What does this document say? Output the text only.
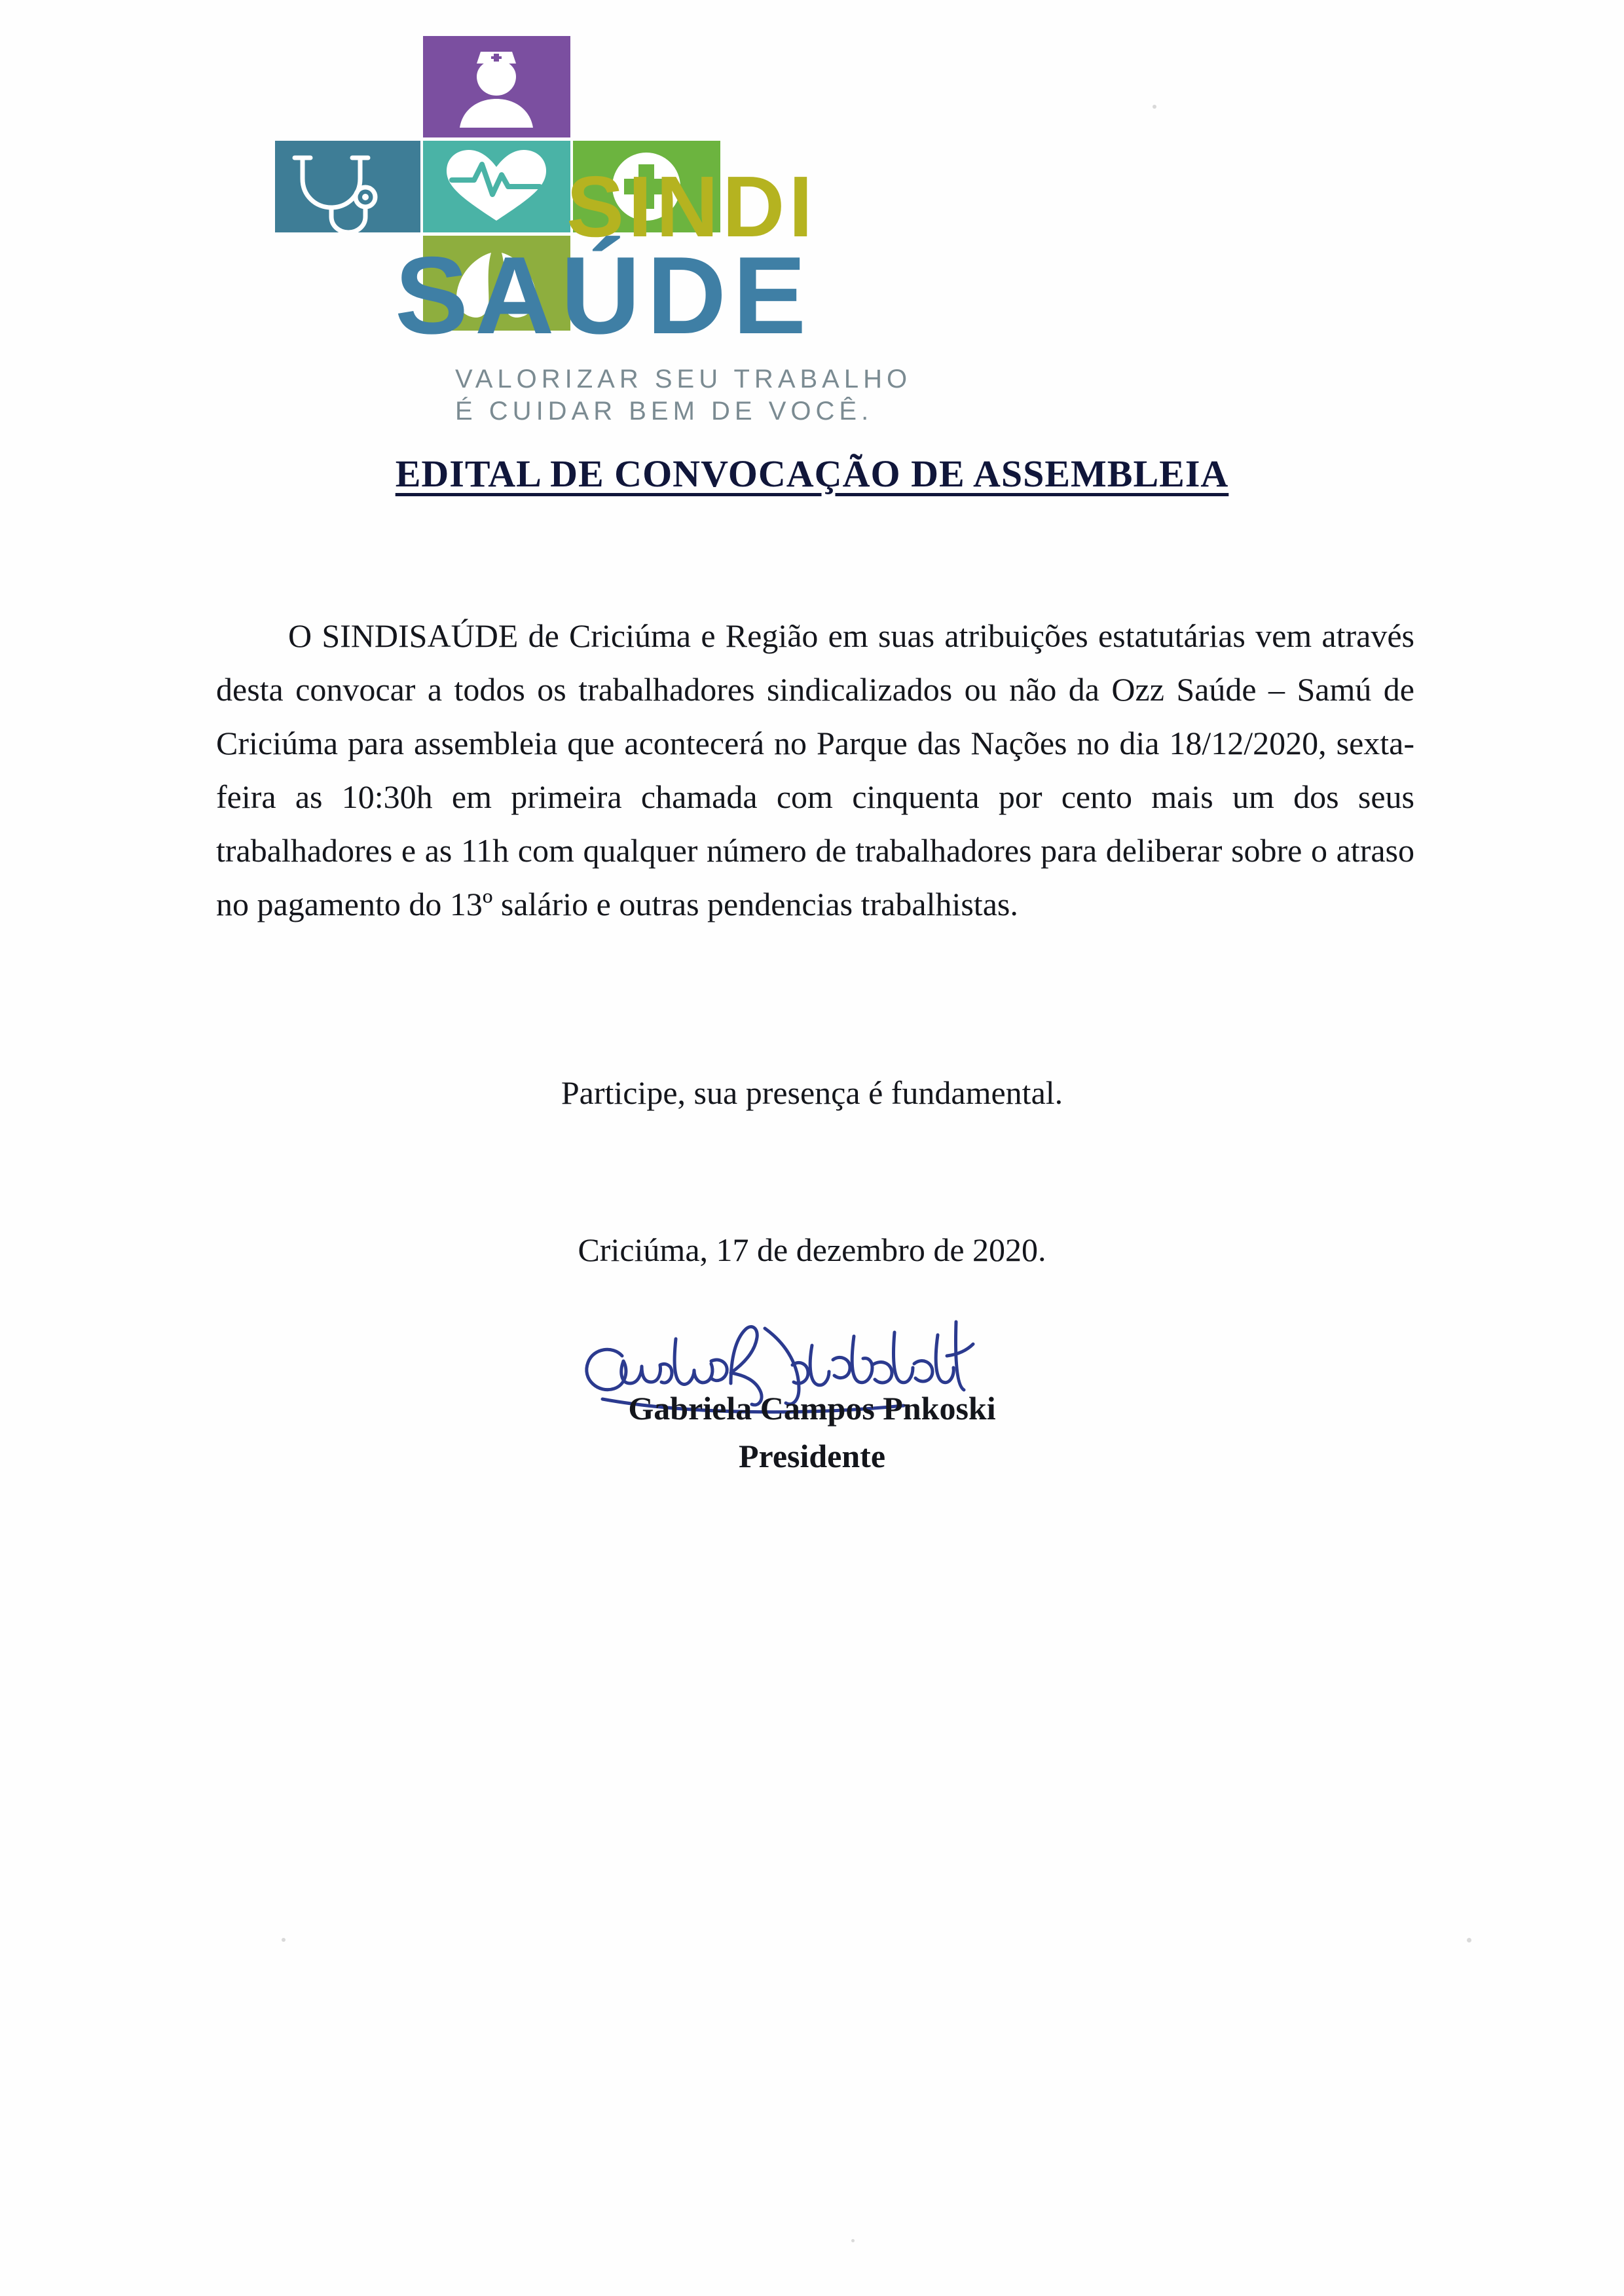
SINDI
SAÚDE
VALORIZAR SEU TRABALHO
É CUIDAR BEM DE VOCÊ.
EDITAL DE CONVOCAÇÃO DE ASSEMBLEIA
O SINDISAÚDE de Criciúma e Região em suas atribuições estatutárias vem através desta convocar a todos os trabalhadores sindicalizados ou não da Ozz Saúde – Samú de Criciúma para assembleia que acontecerá no Parque das Nações no dia 18/12/2020, sexta-feira as 10:30h em primeira chamada com cinquenta por cento mais um dos seus trabalhadores e as 11h com qualquer número de trabalhadores para deliberar sobre o atraso no pagamento do 13º salário e outras pendencias trabalhistas.
Participe, sua presença é fundamental.
Criciúma, 17 de dezembro de 2020.
Gabriela Campos Pnkoski
Presidente
